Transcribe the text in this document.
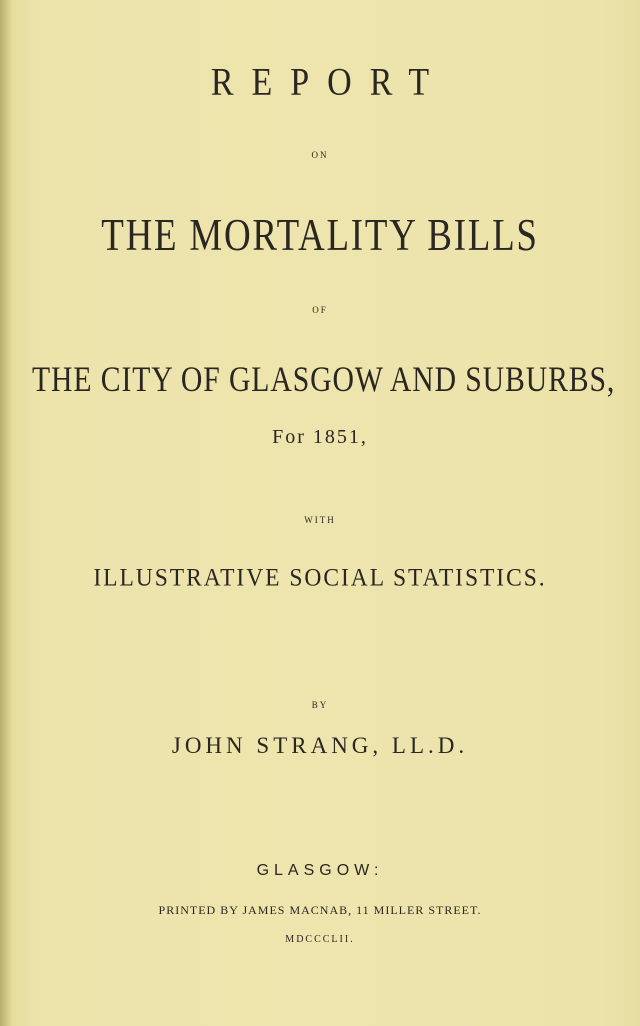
REPORT
ON
THE MORTALITY BILLS
OF
THE CITY OF GLASGOW AND SUBURBS,
For 1851,
WITH
ILLUSTRATIVE SOCIAL STATISTICS.
BY
JOHN STRANG, LL.D.
GLASGOW:
PRINTED BY JAMES MACNAB, 11 MILLER STREET.
MDCCCLII.
